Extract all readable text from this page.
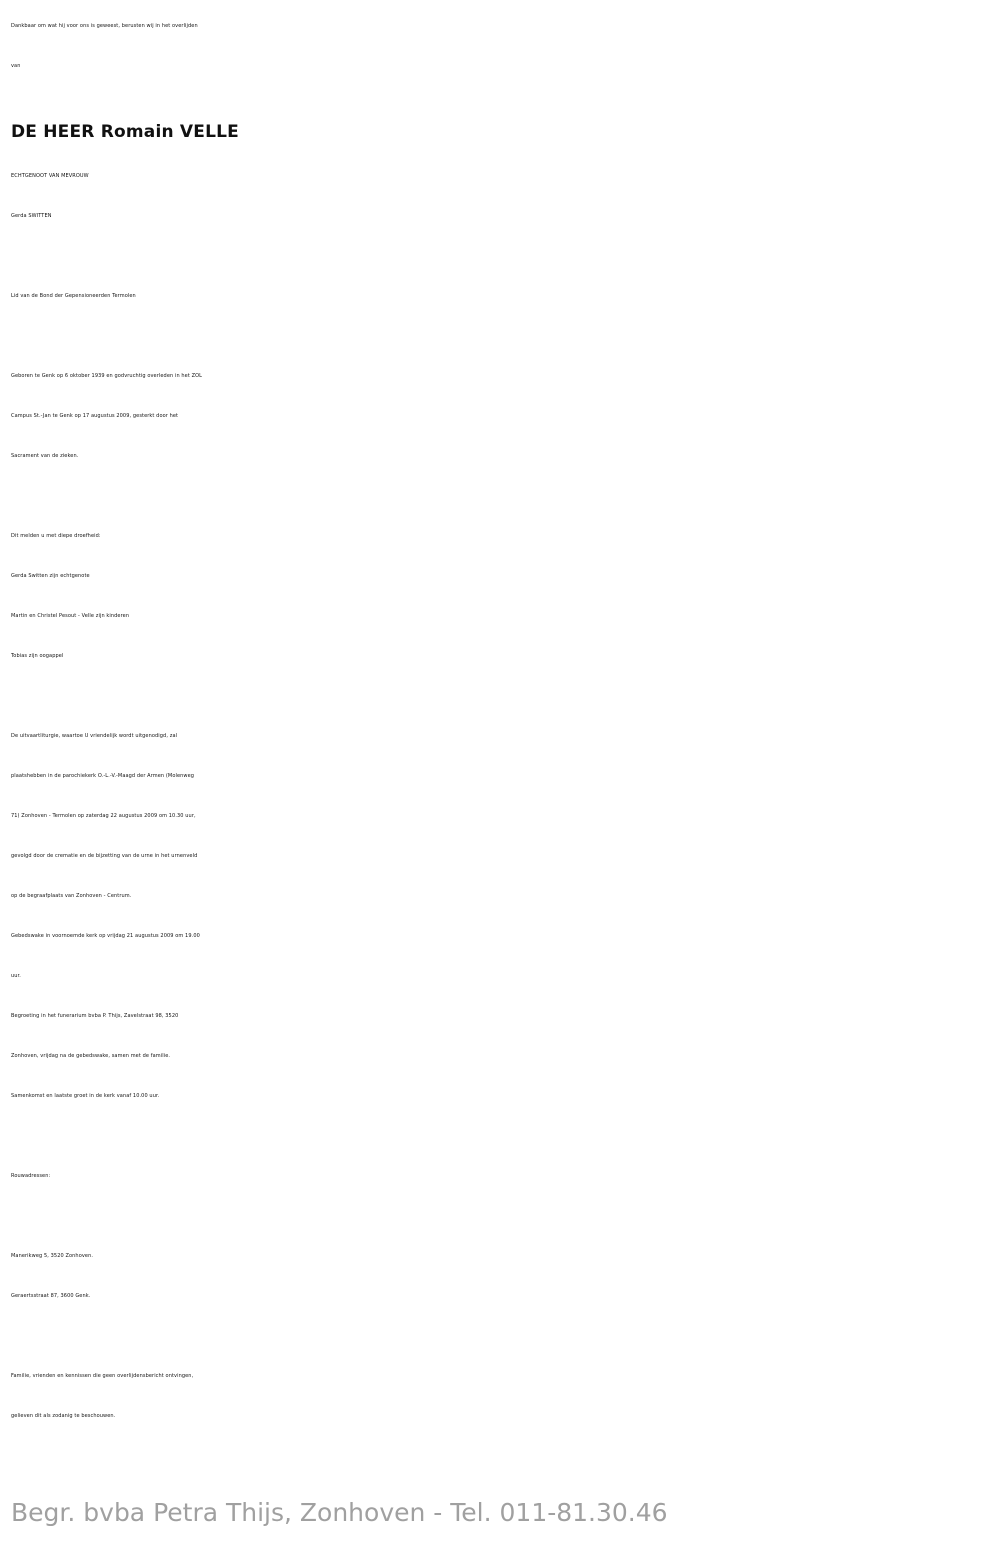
Dankbaar om wat hij voor ons is geweest, berusten wij in het overlijden
van
DE HEER Romain VELLE
ECHTGENOOT VAN MEVROUW
Gerda SWITTEN
Lid van de Bond der Gepensioneerden Termolen
Geboren te Genk op 6 oktober 1939 en godvruchtig overleden in het ZOL
Campus St.-Jan te Genk op 17 augustus 2009, gesterkt door het
Sacrament van de zieken.
Dit melden u met diepe droefheid:
Gerda Switten zijn echtgenote
Martin en Christel Pesout - Velle zijn kinderen
Tobias zijn oogappel
De uitvaartliturgie, waartoe U vriendelijk wordt uitgenodigd, zal
plaatshebben in de parochiekerk O.-L.-V.-Maagd der Armen (Molenweg
71) Zonhoven - Termolen op zaterdag 22 augustus 2009 om 10.30 uur,
gevolgd door de crematie en de bijzetting van de urne in het urnenveld
op de begraafplaats van Zonhoven - Centrum.
Gebedswake in voornoemde kerk op vrijdag 21 augustus 2009 om 19.00
uur.
Begroeting in het funerarium bvba P. Thijs, Zavelstraat 98, 3520
Zonhoven, vrijdag na de gebedswake, samen met de familie.
Samenkomst en laatste groet in de kerk vanaf 10.00 uur.
Rouwadressen:
Manerikweg 5, 3520 Zonhoven.
Geraertsstraat 87, 3600 Genk.
Familie, vrienden en kennissen die geen overlijdensbericht ontvingen,
gelieven dit als zodanig te beschouwen.
Begr. bvba Petra Thijs, Zonhoven - Tel. 011-81.30.46
